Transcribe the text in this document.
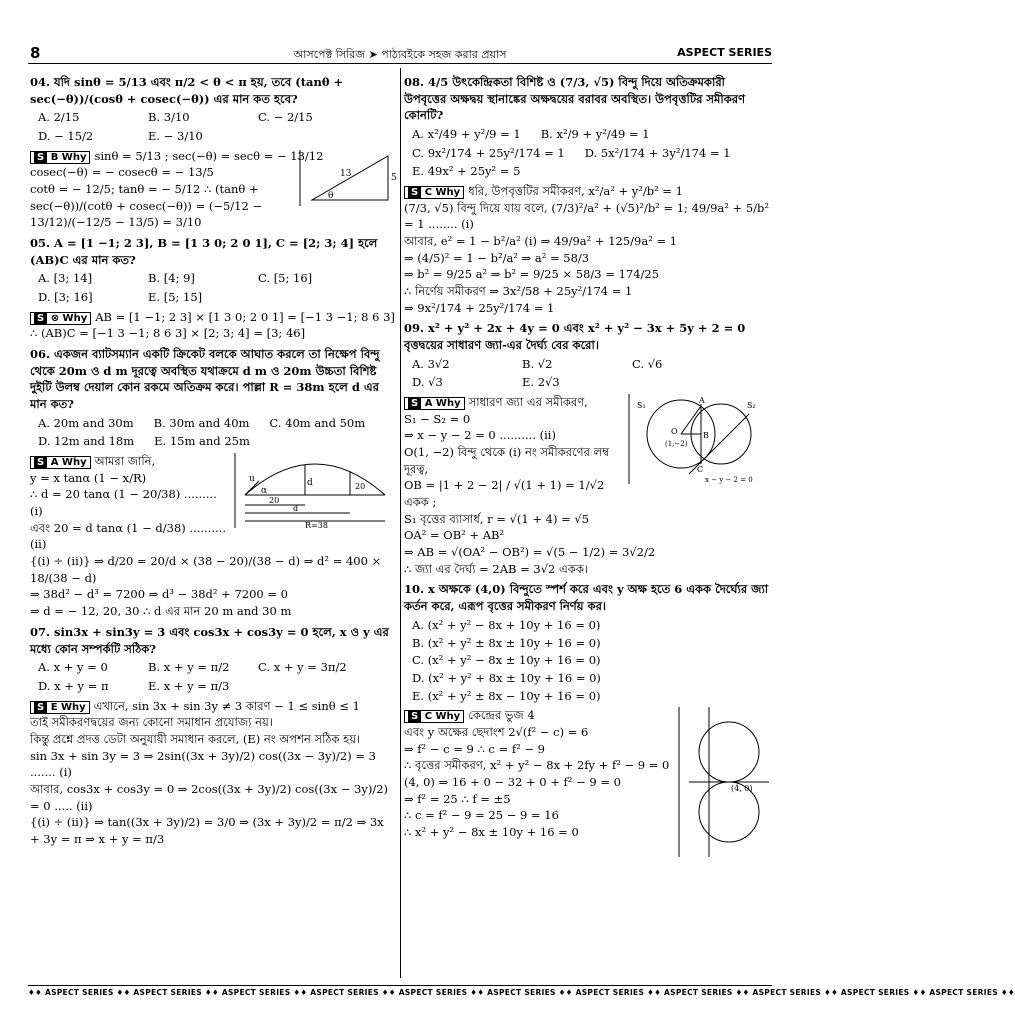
8	আসপেক্ট সিরিজ ➤ পাঠ্যবইকে সহজ করার প্রয়াস	ASPECT SERIES
04. যদি sinθ = 5/13 এবং π/2 < θ < π হয়, তবে (tanθ + sec(−θ))/(cosθ + cosec(−θ)) এর মান কত হবে?
A. 2/15	B. 3/10	C. − 2/15
D. − 15/2	E. − 3/10
13	5
θ
S B Why sinθ = 5/13 ; sec(−θ) = secθ = − 13/12
cosec(−θ) = − cosecθ = − 13/5
cotθ = − 12/5; tanθ = − 5/12 ∴ (tanθ + sec(−θ))/(cotθ + cosec(−θ)) = (−5/12 − 13/12)/(−12/5 − 13/5) = 3/10
05. A = [1 −1; 2 3], B = [1 3 0; 2 0 1], C = [2; 3; 4] হলে (AB)C এর মান কত?
A. [3; 14]	B. [4; 9]	C. [5; 16]
D. [3; 16]	E. [5; 15]
S ⊗ Why AB = [1 −1; 2 3] × [1 3 0; 2 0 1] = [−1 3 −1; 8 6 3]
∴ (AB)C = [−1 3 −1; 8 6 3] × [2; 3; 4] = [3; 46]
06. একজন ব্যাটসম্যান একটি ক্রিকেট বলকে আঘাত করলে তা নিক্ষেপ বিন্দু থেকে 20m ও d m দূরত্বে অবস্থিত যথাক্রমে d m ও 20m উচ্চতা বিশিষ্ট দুইটি উলম্ব দেয়াল কোন রকমে অতিক্রম করে। পাল্লা R = 38m হলে d এর মান কত?
A. 20m and 30m B. 30m and 40m C. 40m and 50m
D. 12m and 18m E. 15m and 25m
u
α
d	20
20
d
R=38
S A Why আমরা জানি,
y = x tanα (1 − x/R)
∴ d = 20 tanα (1 − 20/38) ......... (i)
এবং 20 = d tanα (1 − d/38) .......... (ii)
{(i) ÷ (ii)} ⇒ d/20 = 20/d × (38 − 20)/(38 − d) ⇒ d² = 400 × 18/(38 − d)
⇒ 38d² − d³ = 7200 ⇒ d³ − 38d² + 7200 = 0
⇒ d = − 12, 20, 30 ∴ d এর মান 20 m and 30 m
07. sin3x + sin3y = 3 এবং cos3x + cos3y = 0 হলে, x ও y এর মধ্যে কোন সম্পর্কটি সঠিক?
A. x + y = 0	B. x + y = π/2	C. x + y = 3π/2
D. x + y = π	E. x + y = π/3
S E Why এখানে, sin 3x + sin 3y ≠ 3 কারণ − 1 ≤ sinθ ≤ 1
তাই সমীকরণদ্বয়ের জন্য কোনো সমাধান প্রযোজ্য নয়।
কিন্তু প্রশ্নে প্রদত্ত ডেটা অনুযায়ী সমাধান করলে, (E) নং অপশন সঠিক হয়।
sin 3x + sin 3y = 3 ⇒ 2sin((3x + 3y)/2) cos((3x − 3y)/2) = 3 ....... (i)
আবার, cos3x + cos3y = 0 ⇒ 2cos((3x + 3y)/2) cos((3x − 3y)/2) = 0 ..... (ii)
{(i) ÷ (ii)} ⇒ tan((3x + 3y)/2) = 3/0 ⇒ (3x + 3y)/2 = π/2 ⇒ 3x + 3y = π ⇒ x + y = π/3
08. 4/5 উৎকেন্দ্রিকতা বিশিষ্ট ও (7/3, √5) বিন্দু দিয়ে অতিক্রমকারী উপবৃত্তের অক্ষদ্বয় স্থানাঙ্কের অক্ষদ্বয়ের বরাবর অবস্থিত। উপবৃত্তটির সমীকরণ কোনটি?
A. x²/49 + y²/9 = 1 B. x²/9 + y²/49 = 1
C. 9x²/174 + 25y²/174 = 1 D. 5x²/174 + 3y²/174 = 1
E. 49x² + 25y² = 5
S C Why ধরি, উপবৃত্তটির সমীকরণ, x²/a² + y²/b² = 1
(7/3, √5) বিন্দু দিয়ে যায় বলে, (7/3)²/a² + (√5)²/b² = 1; 49/9a² + 5/b² = 1 ........ (i)
আবার, e² = 1 − b²/a² (i) ⇒ 49/9a² + 125/9a² = 1
⇒ (4/5)² = 1 − b²/a² ⇒ a² = 58/3
⇒ b² = 9/25 a² ⇒ b² = 9/25 × 58/3 = 174/25
∴ নির্ণেয় সমীকরণ ⇒ 3x²/58 + 25y²/174 = 1
⇒ 9x²/174 + 25y²/174 = 1
09. x² + y² + 2x + 4y = 0 এবং x² + y² − 3x + 5y + 2 = 0 বৃত্তদ্বয়ের সাধারণ জ্যা-এর দৈর্ঘ্য বের করো।
A. 3√2	B. √2	C. √6
D. √3	E. 2√3
S₁	S₂
A
B
C
O
(1,−2)
x − y − 2 = 0
S A Why সাধারণ জ্যা এর সমীকরণ,
S₁ − S₂ = 0
⇒ x − y − 2 = 0 .......... (ii)
O(1, −2) বিন্দু থেকে (i) নং সমীকরণের লম্ব দূরত্ব,
OB = |1 + 2 − 2| / √(1 + 1) = 1/√2 একক ;
S₁ বৃত্তের ব্যাসার্ধ, r = √(1 + 4) = √5
OA² = OB² + AB²
⇒ AB = √(OA² − OB²) = √(5 − 1/2) = 3√2/2
∴ জ্যা এর দৈর্ঘ্য = 2AB = 3√2 একক।
10. x অক্ষকে (4,0) বিন্দুতে স্পর্শ করে এবং y অক্ষ হতে 6 একক দৈর্ঘ্যের জ্যা কর্তন করে, এরূপ বৃত্তের সমীকরণ নির্ণয় কর।
A. (x² + y² − 8x + 10y + 16 = 0)
B. (x² + y² ± 8x ± 10y + 16 = 0)
C. (x² + y² − 8x ± 10y + 16 = 0)
D. (x² + y² + 8x ± 10y + 16 = 0)
E. (x² + y² ± 8x − 10y + 16 = 0)
(4, 0)
S C Why কেন্দ্রের ভুজ 4
এবং y অক্ষের ছেদাংশ 2√(f² − c) = 6
⇒ f² − c = 9 ∴ c = f² − 9
∴ বৃত্তের সমীকরণ, x² + y² − 8x + 2fy + f² − 9 = 0
(4, 0) ⇒ 16 + 0 − 32 + 0 + f² − 9 = 0
⇒ f² = 25 ∴ f = ±5
∴ c = f² − 9 = 25 − 9 = 16
∴ x² + y² − 8x ± 10y + 16 = 0
♦♦ ASPECT SERIES ♦♦ ASPECT SERIES ♦♦ ASPECT SERIES ♦♦ ASPECT SERIES ♦♦ ASPECT SERIES ♦♦ ASPECT SERIES ♦♦ ASPECT SERIES ♦♦ ASPECT SERIES ♦♦ ASPECT SERIES ♦♦ ASPECT SERIES ♦♦ ASPECT SERIES ♦♦
